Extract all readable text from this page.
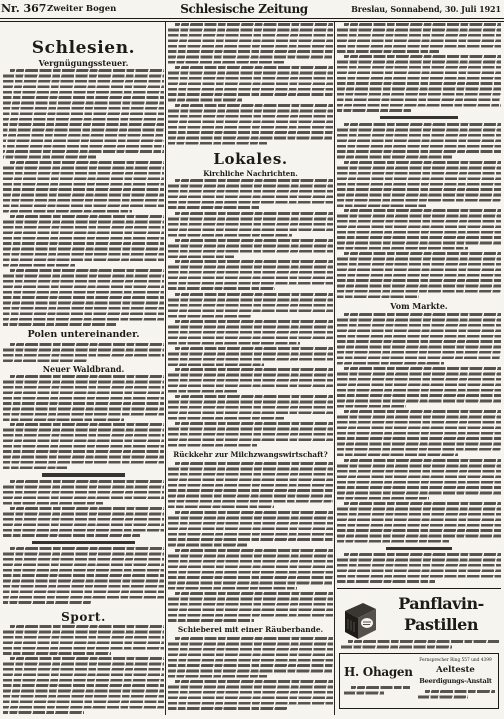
Nr. 367 Zweiter Bogen	Schlesische Zeitung	Breslau, Sonnabend, 30. Juli 1921
Schlesien.
Vergnügungssteuer.
Polen untereinander.
Neuer Waldbrand.
Sport.
Lokales.
Kirchliche Nachrichten.
Rückkehr zur Milchzwangswirtschaft?
Schieberei mit einer Räuberbande.
Vom Markte.
Panflavin-
Pastillen
H. Ohagen
Fernsprecher Ring 557 und 4399
Aelteste
Beerdigungs-Anstalt
